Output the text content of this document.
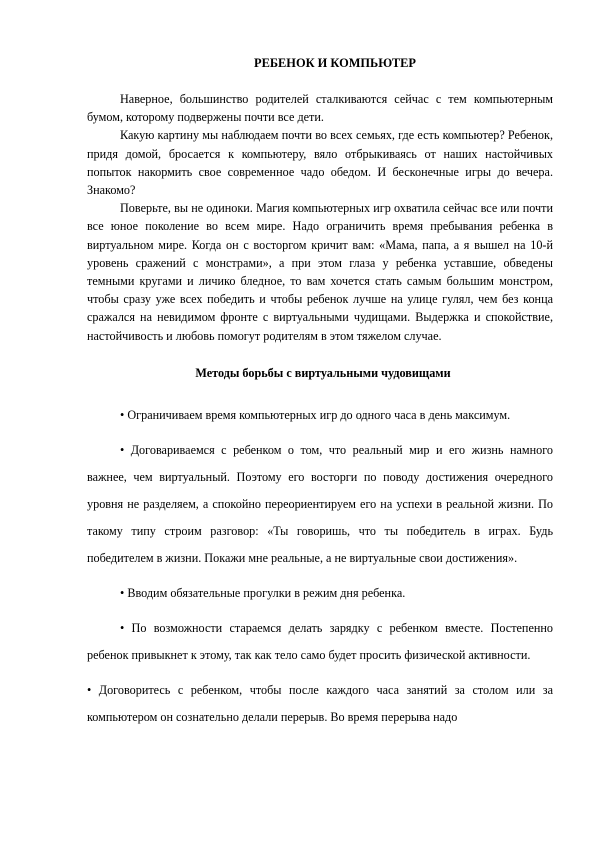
РЕБЕНОК И КОМПЬЮТЕР

Наверное, большинство родителей сталкиваются сейчас с тем компьютерным бумом, которому подвержены почти все дети.

Какую картину мы наблюдаем почти во всех семьях, где есть компьютер? Ребенок, придя домой, бросается к компьютеру, вяло отбрыкиваясь от наших настойчивых попыток накормить свое современное чадо обедом. И бесконечные игры до вечера. Знакомо?

Поверьте, вы не одиноки. Магия компьютерных игр охватила сейчас все или почти все юное поколение во всем мире. Надо ограничить время пребывания ребенка в виртуальном мире. Когда он с восторгом кричит вам: «Мама, папа, а я вышел на 10-й уровень сражений с монстрами», а при этом глаза у ребенка уставшие, обведены темными кругами и личико бледное, то вам хочется стать самым большим монстром, чтобы сразу уже всех победить и чтобы ребенок лучше на улице гулял, чем без конца сражался на невидимом фронте с виртуальными чудищами. Выдержка и спокойствие, настойчивость и любовь помогут родителям в этом тяжелом случае.

Методы борьбы с виртуальными чудовищами

• Ограничиваем время компьютерных игр до одного часа в день максимум.

• Договариваемся с ребенком о том, что реальный мир и его жизнь намного важнее, чем виртуальный. Поэтому его восторги по поводу достижения очередного уровня не разделяем, а спокойно переориентируем его на успехи в реальной жизни. По такому типу строим разговор: «Ты говоришь, что ты победитель в играх. Будь победителем в жизни. Покажи мне реальные, а не виртуальные свои достижения».

• Вводим обязательные прогулки в режим дня ребенка.

• По возможности стараемся делать зарядку с ребенком вместе. Постепенно ребенок привыкнет к этому, так как тело само будет просить физической активности.

• Договоритесь с ребенком, чтобы после каждого часа занятий за столом или за компьютером он сознательно делали перерыв. Во время перерыва надо
